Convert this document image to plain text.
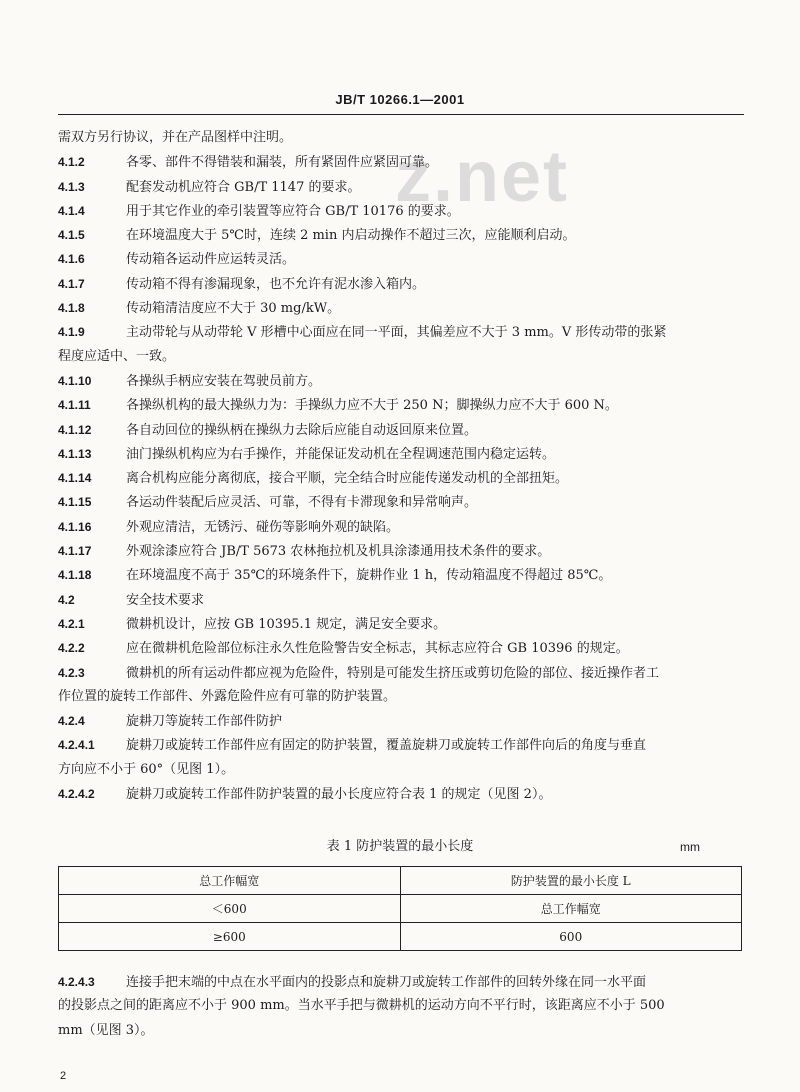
JB/T 10266.1—2001
z.net
需双方另行协议，并在产品图样中注明。
4.1.2	各零、部件不得错装和漏装，所有紧固件应紧固可靠。
4.1.3	配套发动机应符合 GB/T 1147 的要求。
4.1.4	用于其它作业的牵引装置等应符合 GB/T 10176 的要求。
4.1.5	在环境温度大于 5℃时，连续 2 min 内启动操作不超过三次，应能顺利启动。
4.1.6	传动箱各运动件应运转灵活。
4.1.7	传动箱不得有渗漏现象，也不允许有泥水渗入箱内。
4.1.8	传动箱清洁度应不大于 30 mg/kW。
4.1.9	主动带轮与从动带轮 V 形槽中心面应在同一平面，其偏差应不大于 3 mm。V 形传动带的张紧
程度应适中、一致。
4.1.10	各操纵手柄应安装在驾驶员前方。
4.1.11	各操纵机构的最大操纵力为：手操纵力应不大于 250 N；脚操纵力应不大于 600 N。
4.1.12	各自动回位的操纵柄在操纵力去除后应能自动返回原来位置。
4.1.13	油门操纵机构应为右手操作，并能保证发动机在全程调速范围内稳定运转。
4.1.14	离合机构应能分离彻底，接合平顺，完全结合时应能传递发动机的全部扭矩。
4.1.15	各运动件装配后应灵活、可靠，不得有卡滞现象和异常响声。
4.1.16	外观应清洁，无锈污、碰伤等影响外观的缺陷。
4.1.17	外观涂漆应符合 JB/T 5673 农林拖拉机及机具涂漆通用技术条件的要求。
4.1.18	在环境温度不高于 35℃的环境条件下，旋耕作业 1 h，传动箱温度不得超过 85℃。
4.2	安全技术要求
4.2.1	微耕机设计，应按 GB 10395.1 规定，满足安全要求。
4.2.2	应在微耕机危险部位标注永久性危险警告安全标志，其标志应符合 GB 10396 的规定。
4.2.3	微耕机的所有运动件都应视为危险件，特别是可能发生挤压或剪切危险的部位、接近操作者工
作位置的旋转工作部件、外露危险件应有可靠的防护装置。
4.2.4	旋耕刀等旋转工作部件防护
4.2.4.1 旋耕刀或旋转工作部件应有固定的防护装置，覆盖旋耕刀或旋转工作部件向后的角度与垂直
方向应不小于 60°（见图 1）。
4.2.4.2 旋耕刀或旋转工作部件防护装置的最小长度应符合表 1 的规定（见图 2）。
表 1 防护装置的最小长度	mm
总工作幅宽	防护装置的最小长度 L
＜600	总工作幅宽
≥600	600
4.2.4.3 连接手把末端的中点在水平面内的投影点和旋耕刀或旋转工作部件的回转外缘在同一水平面
的投影点之间的距离应不小于 900 mm。当水平手把与微耕机的运动方向不平行时，该距离应不小于 500
mm（见图 3）。
2
